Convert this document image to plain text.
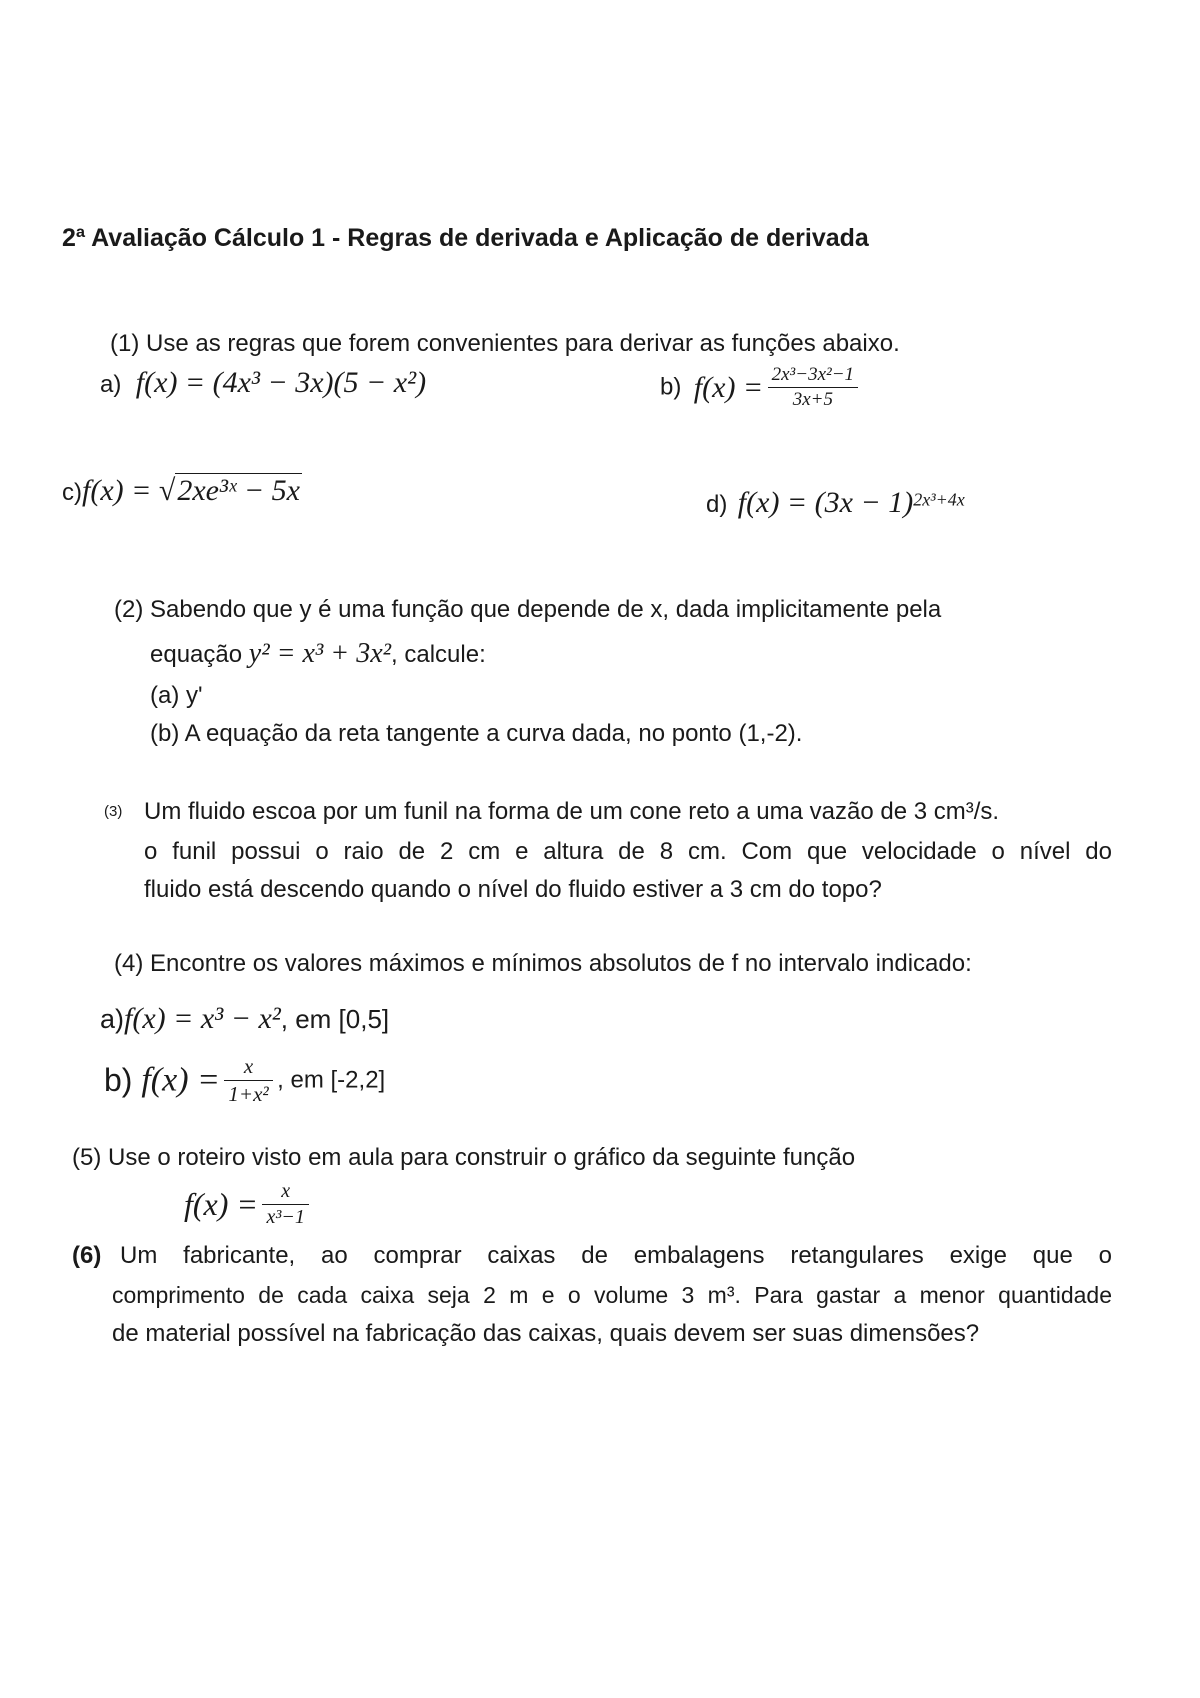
2ª Avaliação Cálculo 1 - Regras de derivada e Aplicação de derivada
(1) Use as regras que forem convenientes para derivar as funções abaixo.
a) f(x) = (4x³ − 3x)(5 − x²)	b) $f(x) = \frac{\text{2x³−3x²−1}}{3x+5}$
c)f(x) = √2xe³ˣ − 5x	d) $f(x) = (3x - 1)^{2x^3+4x}$
(2) Sabendo que y é uma função que depende de x, dada implicitamente pela
equação y² = x³ + 3x², calcule:
(a) y'
(b) A equação da reta tangente a curva dada, no ponto (1,-2).
(3) Um fluido escoa por um funil na forma de um cone reto a uma vazão de 3 cm³/s.
o funil possui o raio de 2 cm e altura de 8 cm. Com que velocidade o nível do
fluido está descendo quando o nível do fluido estiver a 3 cm do topo?
(4) Encontre os valores máximos e mínimos absolutos de f no intervalo indicado:
a)f(x) = x³ − x², em [0,5]
b) $f(x) = \frac{x}{\text{1+x²}}$ , em [-2,2]
(5) Use o roteiro visto em aula para construir o gráfico da seguinte função
$f(x) = \frac{x}{\text{x³−1}}$
(6) Um fabricante, ao comprar caixas de embalagens retangulares exige que o
comprimento de cada caixa seja 2 m e o volume 3 m³. Para gastar a menor quantidade
de material possível na fabricação das caixas, quais devem ser suas dimensões?
